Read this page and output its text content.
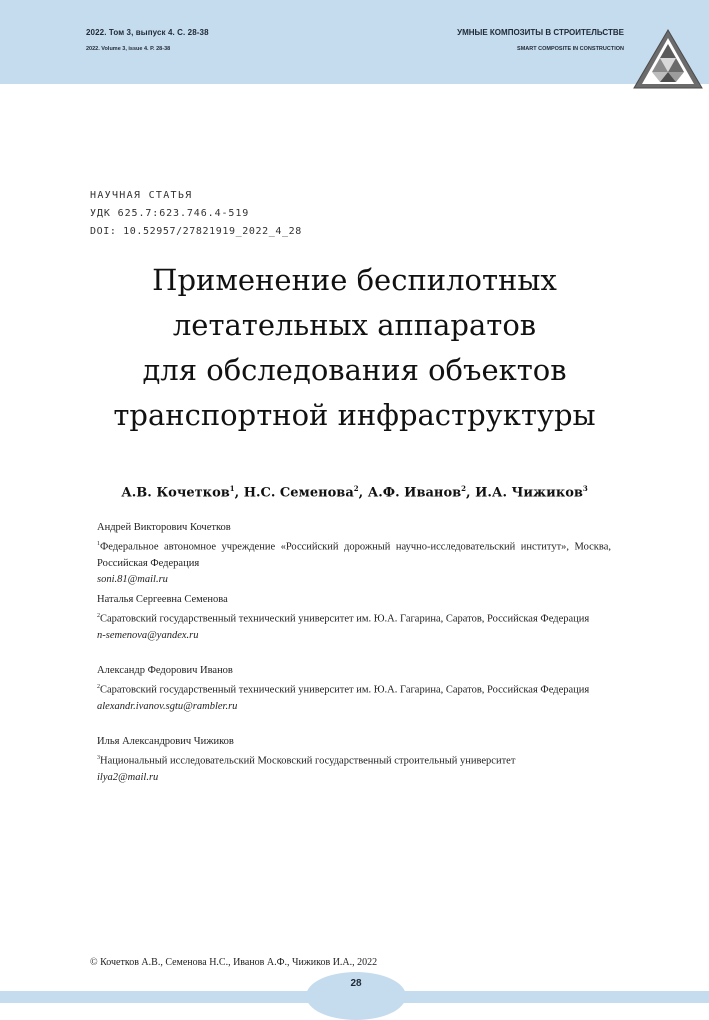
2022. Том 3, выпуск 4. С. 28-38
2022. Volume 3, issue 4. P. 28-38
УМНЫЕ КОМПОЗИТЫ В СТРОИТЕЛЬСТВЕ
SMART COMPOSITE IN CONSTRUCTION
НАУЧНАЯ СТАТЬЯ
УДК 625.7:623.746.4-519
DOI: 10.52957/27821919_2022_4_28
Применение беспилотных
летательных аппаратов
для обследования объектов
транспортной инфраструктуры
А.В. Кочетков$^1$, Н.С. Семенова$^2$, А.Ф. Иванов$^2$, И.А. Чижиков$^3$
Андрей Викторович Кочетков
$^1$Федеральное автономное учреждение «Российский дорожный научно-исследовательский институт», Москва, Российская Федерация
soni.81@mail.ru
Наталья Сергеевна Семенова
$^2$Саратовский государственный технический университет им. Ю.А. Гагарина, Саратов, Российская Федерация
n-semenova@yandex.ru
Александр Федорович Иванов
$^2$Саратовский государственный технический университет им. Ю.А. Гагарина, Саратов, Российская Федерация
alexandr.ivanov.sgtu@rambler.ru
Илья Александрович Чижиков
$^3$Национальный исследовательский Московский государственный строительный университет
ilya2@mail.ru
© Кочетков А.В., Семенова Н.С., Иванов А.Ф., Чижиков И.А., 2022
28
